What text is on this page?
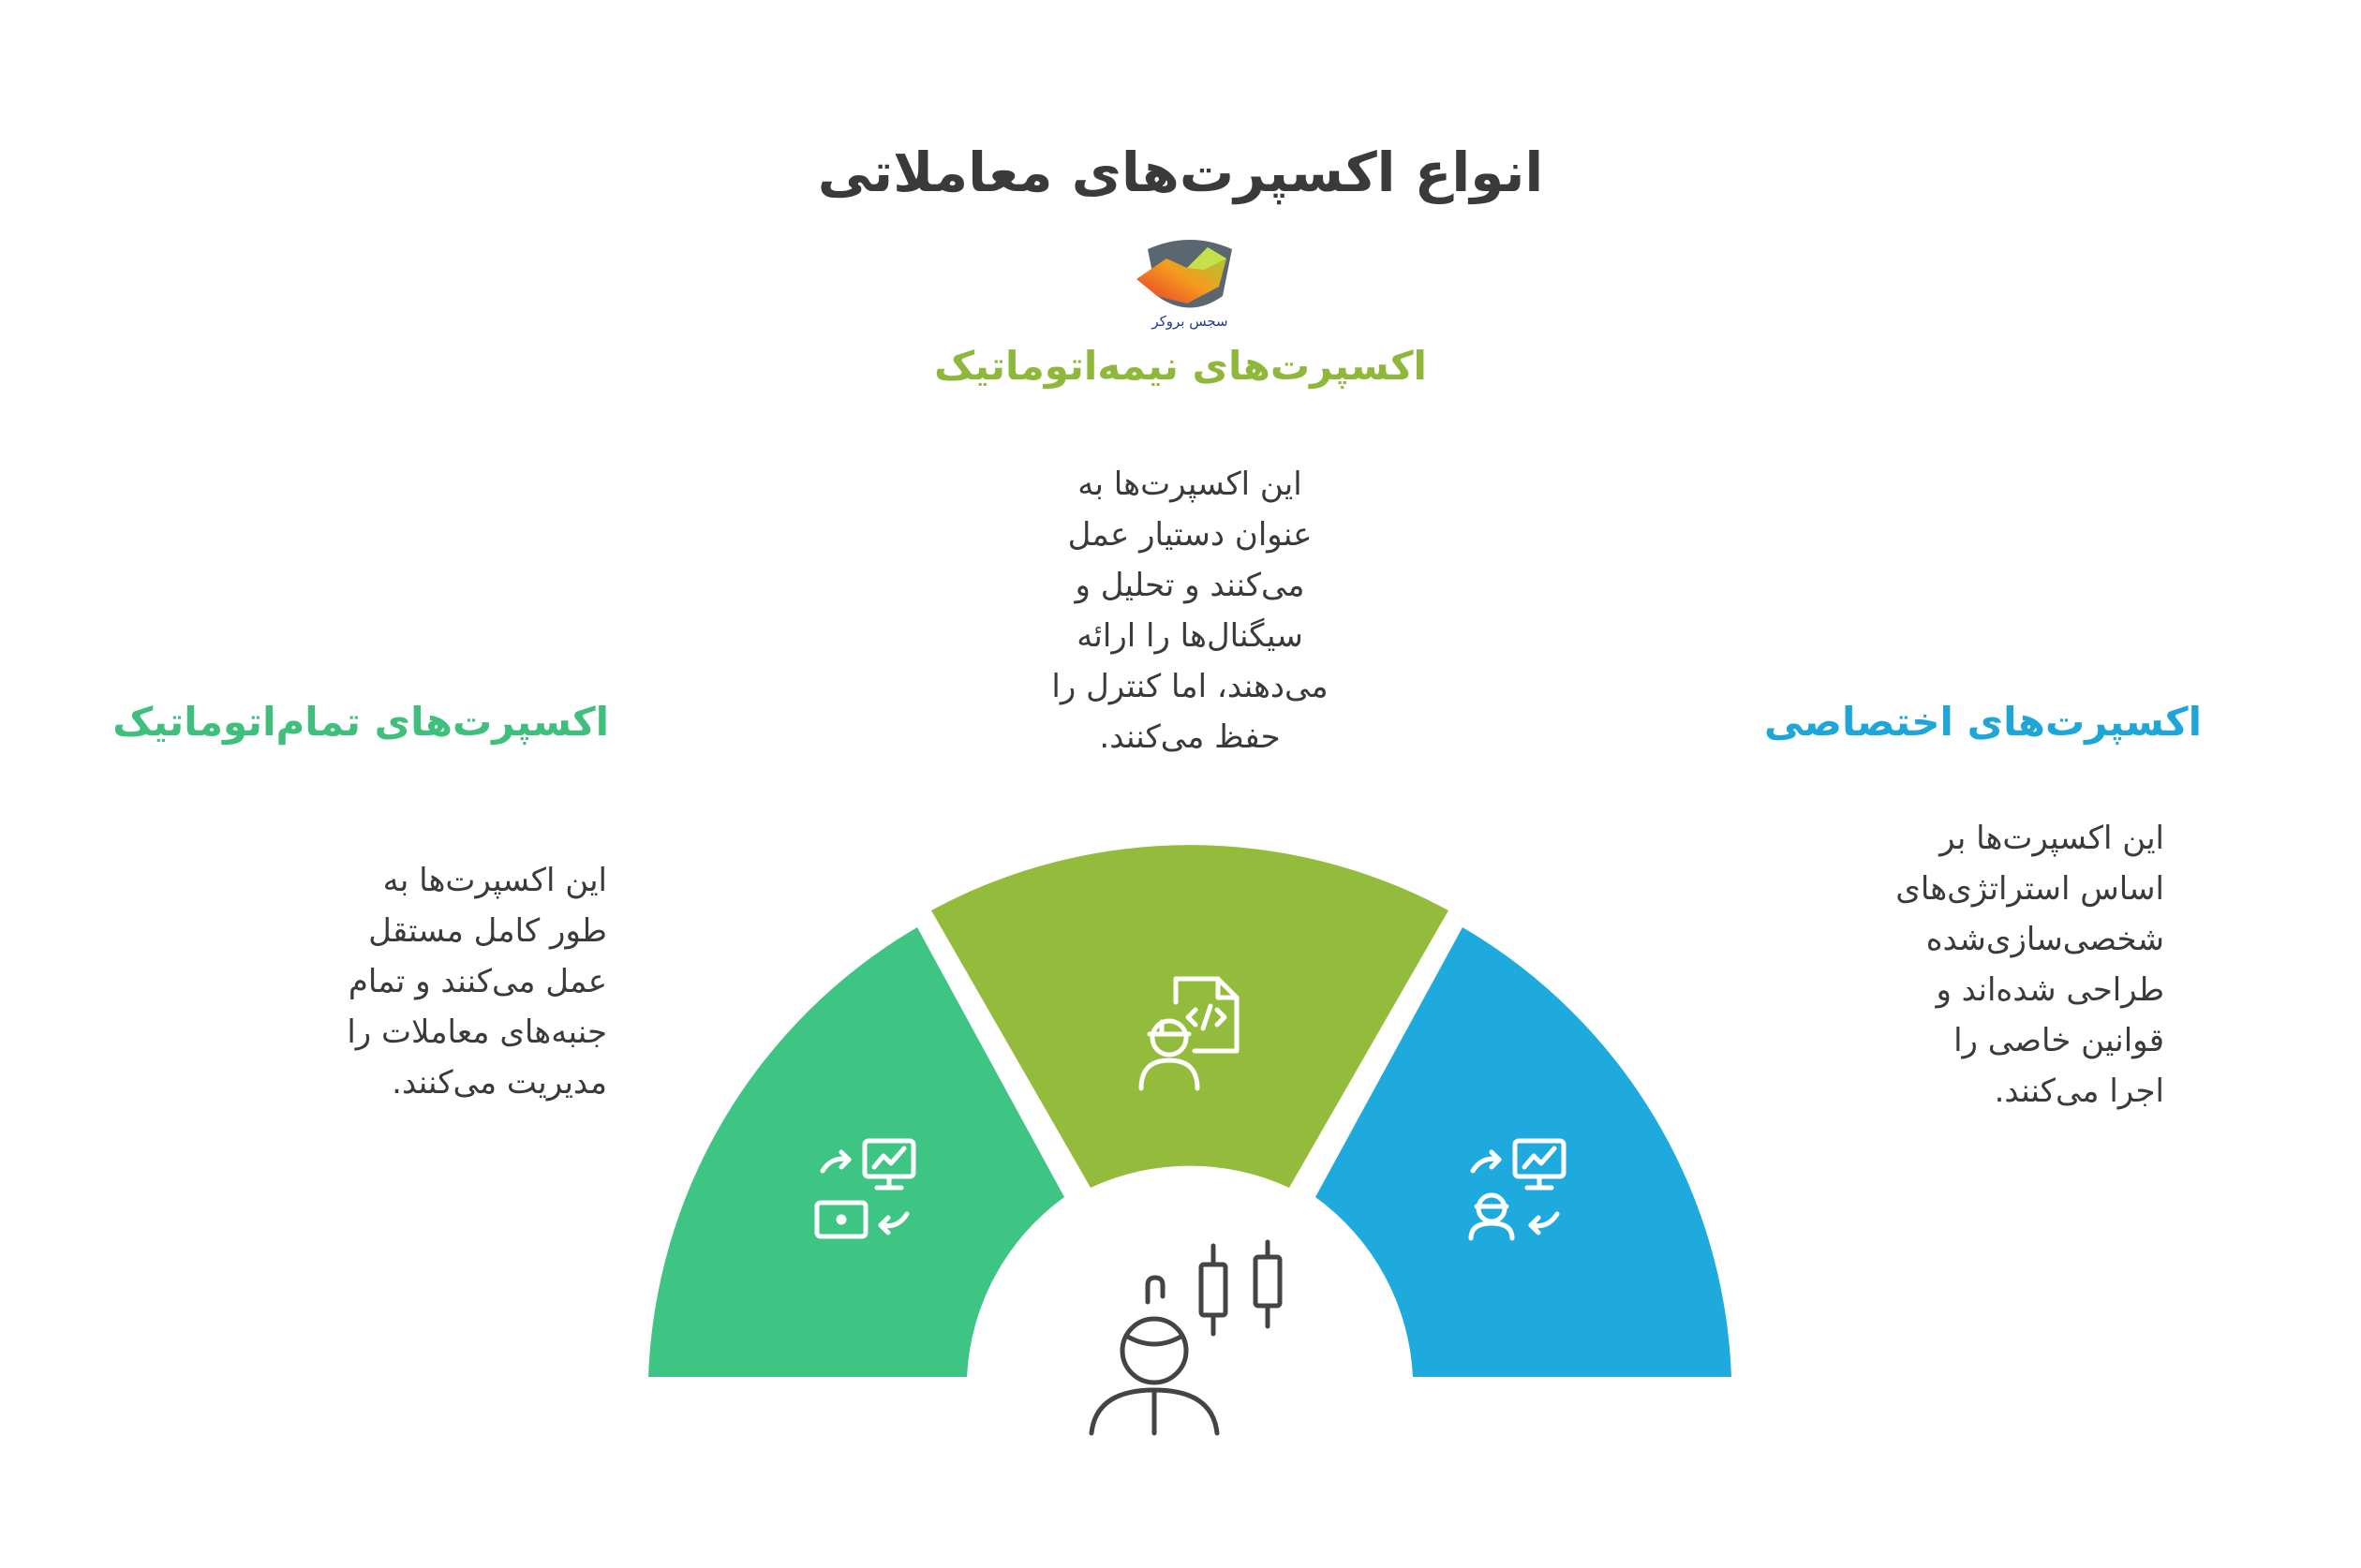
انواع اکسپرت‌های معاملاتی
سجس بروکر
اکسپرت‌های نیمه‌اتوماتیک
اکسپرت‌های تمام‌اتوماتیک	اکسپرت‌های اختصاصی
این اکسپرت‌ها به
عنوان دستیار عمل
می‌کنند و تحلیل و
سیگنال‌ها را ارائه
می‌دهند، اما کنترل را
حفظ می‌کنند.
این اکسپرت‌ها به
طور کامل مستقل
عمل می‌کنند و تمام
جنبه‌های معاملات را
مدیریت می‌کنند.
این اکسپرت‌ها بر
اساس استراتژی‌های
شخصی‌سازی‌شده
طراحی شده‌اند و
قوانین خاصی را
اجرا می‌کنند.
